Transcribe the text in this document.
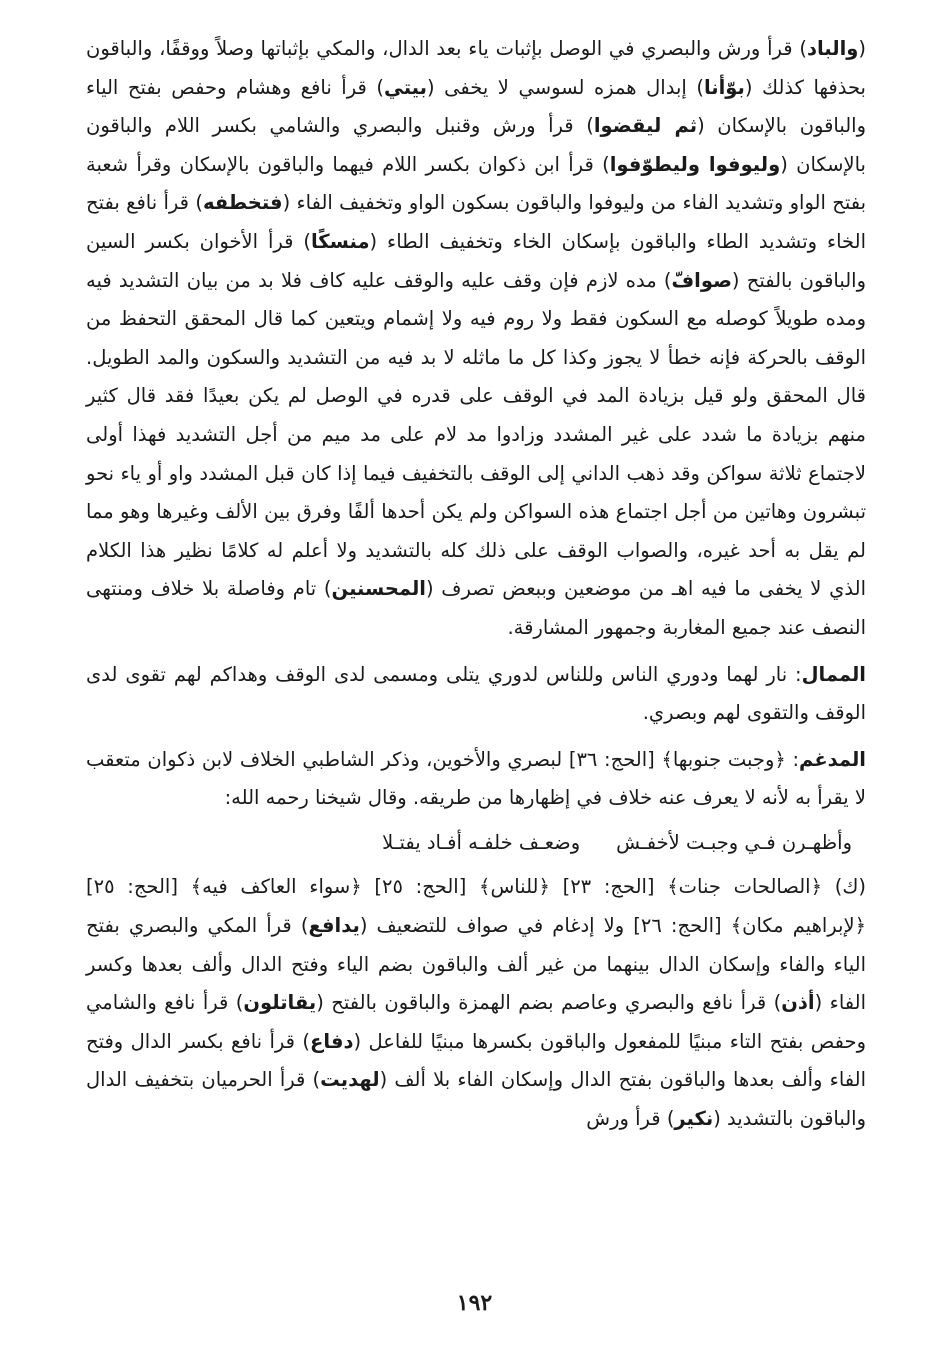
(والباد) قرأ ورش والبصري في الوصل بإثبات ياء بعد الدال، والمكي بإثباتها وصلاً ووقفًا، والباقون بحذفها كذلك (بوّأنا) إبدال همزه لسوسي لا يخفى (بيتي) قرأ نافع وهشام وحفص بفتح الياء والباقون بالإسكان (ثم ليقضوا) قرأ ورش وقنبل والبصري والشامي بكسر اللام والباقون بالإسكان (وليوفوا وليطوّفوا) قرأ ابن ذكوان بكسر اللام فيهما والباقون بالإسكان وقرأ شعبة بفتح الواو وتشديد الفاء من وليوفوا والباقون بسكون الواو وتخفيف الفاء (فتخطفه) قرأ نافع بفتح الخاء وتشديد الطاء والباقون بإسكان الخاء وتخفيف الطاء (منسكًا) قرأ الأخوان بكسر السين والباقون بالفتح (صوافّ) مده لازم فإن وقف عليه والوقف عليه كاف فلا بد من بيان التشديد فيه ومده طويلاً كوصله مع السكون فقط ولا روم فيه ولا إشمام ويتعين كما قال المحقق التحفظ من الوقف بالحركة فإنه خطأ لا يجوز وكذا كل ما ماثله لا بد فيه من التشديد والسكون والمد الطويل. قال المحقق ولو قيل بزيادة المد في الوقف على قدره في الوصل لم يكن بعيدًا فقد قال كثير منهم بزيادة ما شدد على غير المشدد وزادوا مد لام على مد ميم من أجل التشديد فهذا أولى لاجتماع ثلاثة سواكن وقد ذهب الداني إلى الوقف بالتخفيف فيما إذا كان قبل المشدد واو أو ياء نحو تبشرون وهاتين من أجل اجتماع هذه السواكن ولم يكن أحدها ألفًا وفرق بين الألف وغيرها وهو مما لم يقل به أحد غيره، والصواب الوقف على ذلك كله بالتشديد ولا أعلم له كلامًا نظير هذا الكلام الذي لا يخفى ما فيه اهـ من موضعين وببعض تصرف (المحسنين) تام وفاصلة بلا خلاف ومنتهى النصف عند جميع المغاربة وجمهور المشارقة.

الممال: نار لهما ودوري الناس وللناس لدوري يتلى ومسمى لدى الوقف وهداكم لهم تقوى لدى الوقف والتقوى لهم وبصري.

المدغم: ﴿وجبت جنوبها﴾ [الحج: ٣٦] لبصري والأخوين، وذكر الشاطبي الخلاف لابن ذكوان متعقب لا يقرأ به لأنه لا يعرف عنه خلاف في إظهارها من طريقه. وقال شيخنا رحمه الله:

وأظهـرن فـي وجبـت لأخفـش
وضعـف خلفـه أفـاد يفتـلا

(ك) ﴿الصالحات جنات﴾ [الحج: ٢٣] ﴿للناس﴾ [الحج: ٢٥] ﴿سواء العاكف فيه﴾ [الحج: ٢٥] ﴿لإبراهيم مكان﴾ [الحج: ٢٦] ولا إدغام في صواف للتضعيف (يدافع) قرأ المكي والبصري بفتح الياء والفاء وإسكان الدال بينهما من غير ألف والباقون بضم الياء وفتح الدال وألف بعدها وكسر الفاء (أذن) قرأ نافع والبصري وعاصم بضم الهمزة والباقون بالفتح (يقاتلون) قرأ نافع والشامي وحفص بفتح التاء مبنيًا للمفعول والباقون بكسرها مبنيًا للفاعل (دفاع) قرأ نافع بكسر الدال وفتح الفاء وألف بعدها والباقون بفتح الدال وإسكان الفاء بلا ألف (لهديت) قرأ الحرميان بتخفيف الدال والباقون بالتشديد (نكير) قرأ ورش

١٩٢
